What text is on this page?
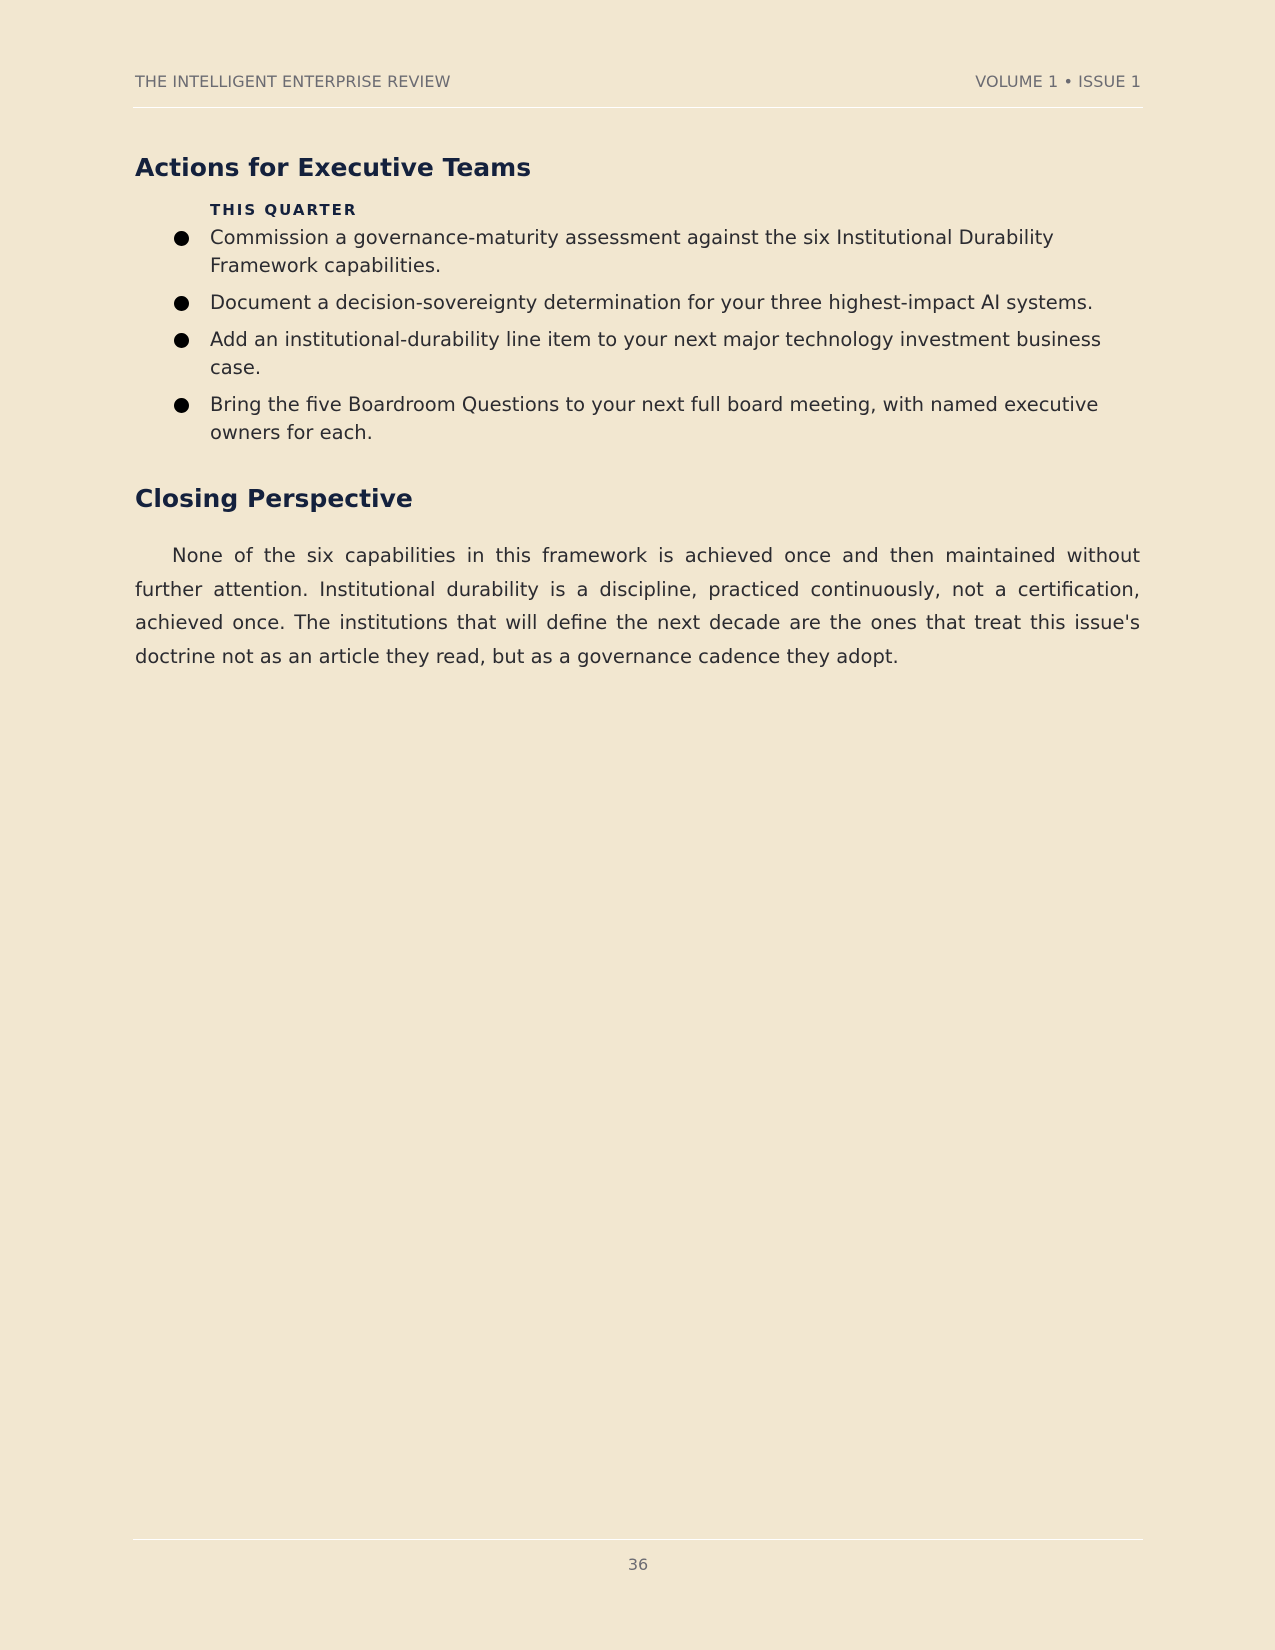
THE INTELLIGENT ENTERPRISE REVIEW	VOLUME 1 • ISSUE 1
Actions for Executive Teams
THIS QUARTER
Commission a governance-maturity assessment against the six Institutional Durability Framework capabilities.
Document a decision-sovereignty determination for your three highest-impact AI systems.
Add an institutional-durability line item to your next major technology investment business case.
Bring the five Boardroom Questions to your next full board meeting, with named executive owners for each.
Closing Perspective

None of the six capabilities in this framework is achieved once and then maintained without further attention. Institutional durability is a discipline, practiced continuously, not a certification, achieved once. The institutions that will define the next decade are the ones that treat this issue's doctrine not as an article they read, but as a governance cadence they adopt.

36
